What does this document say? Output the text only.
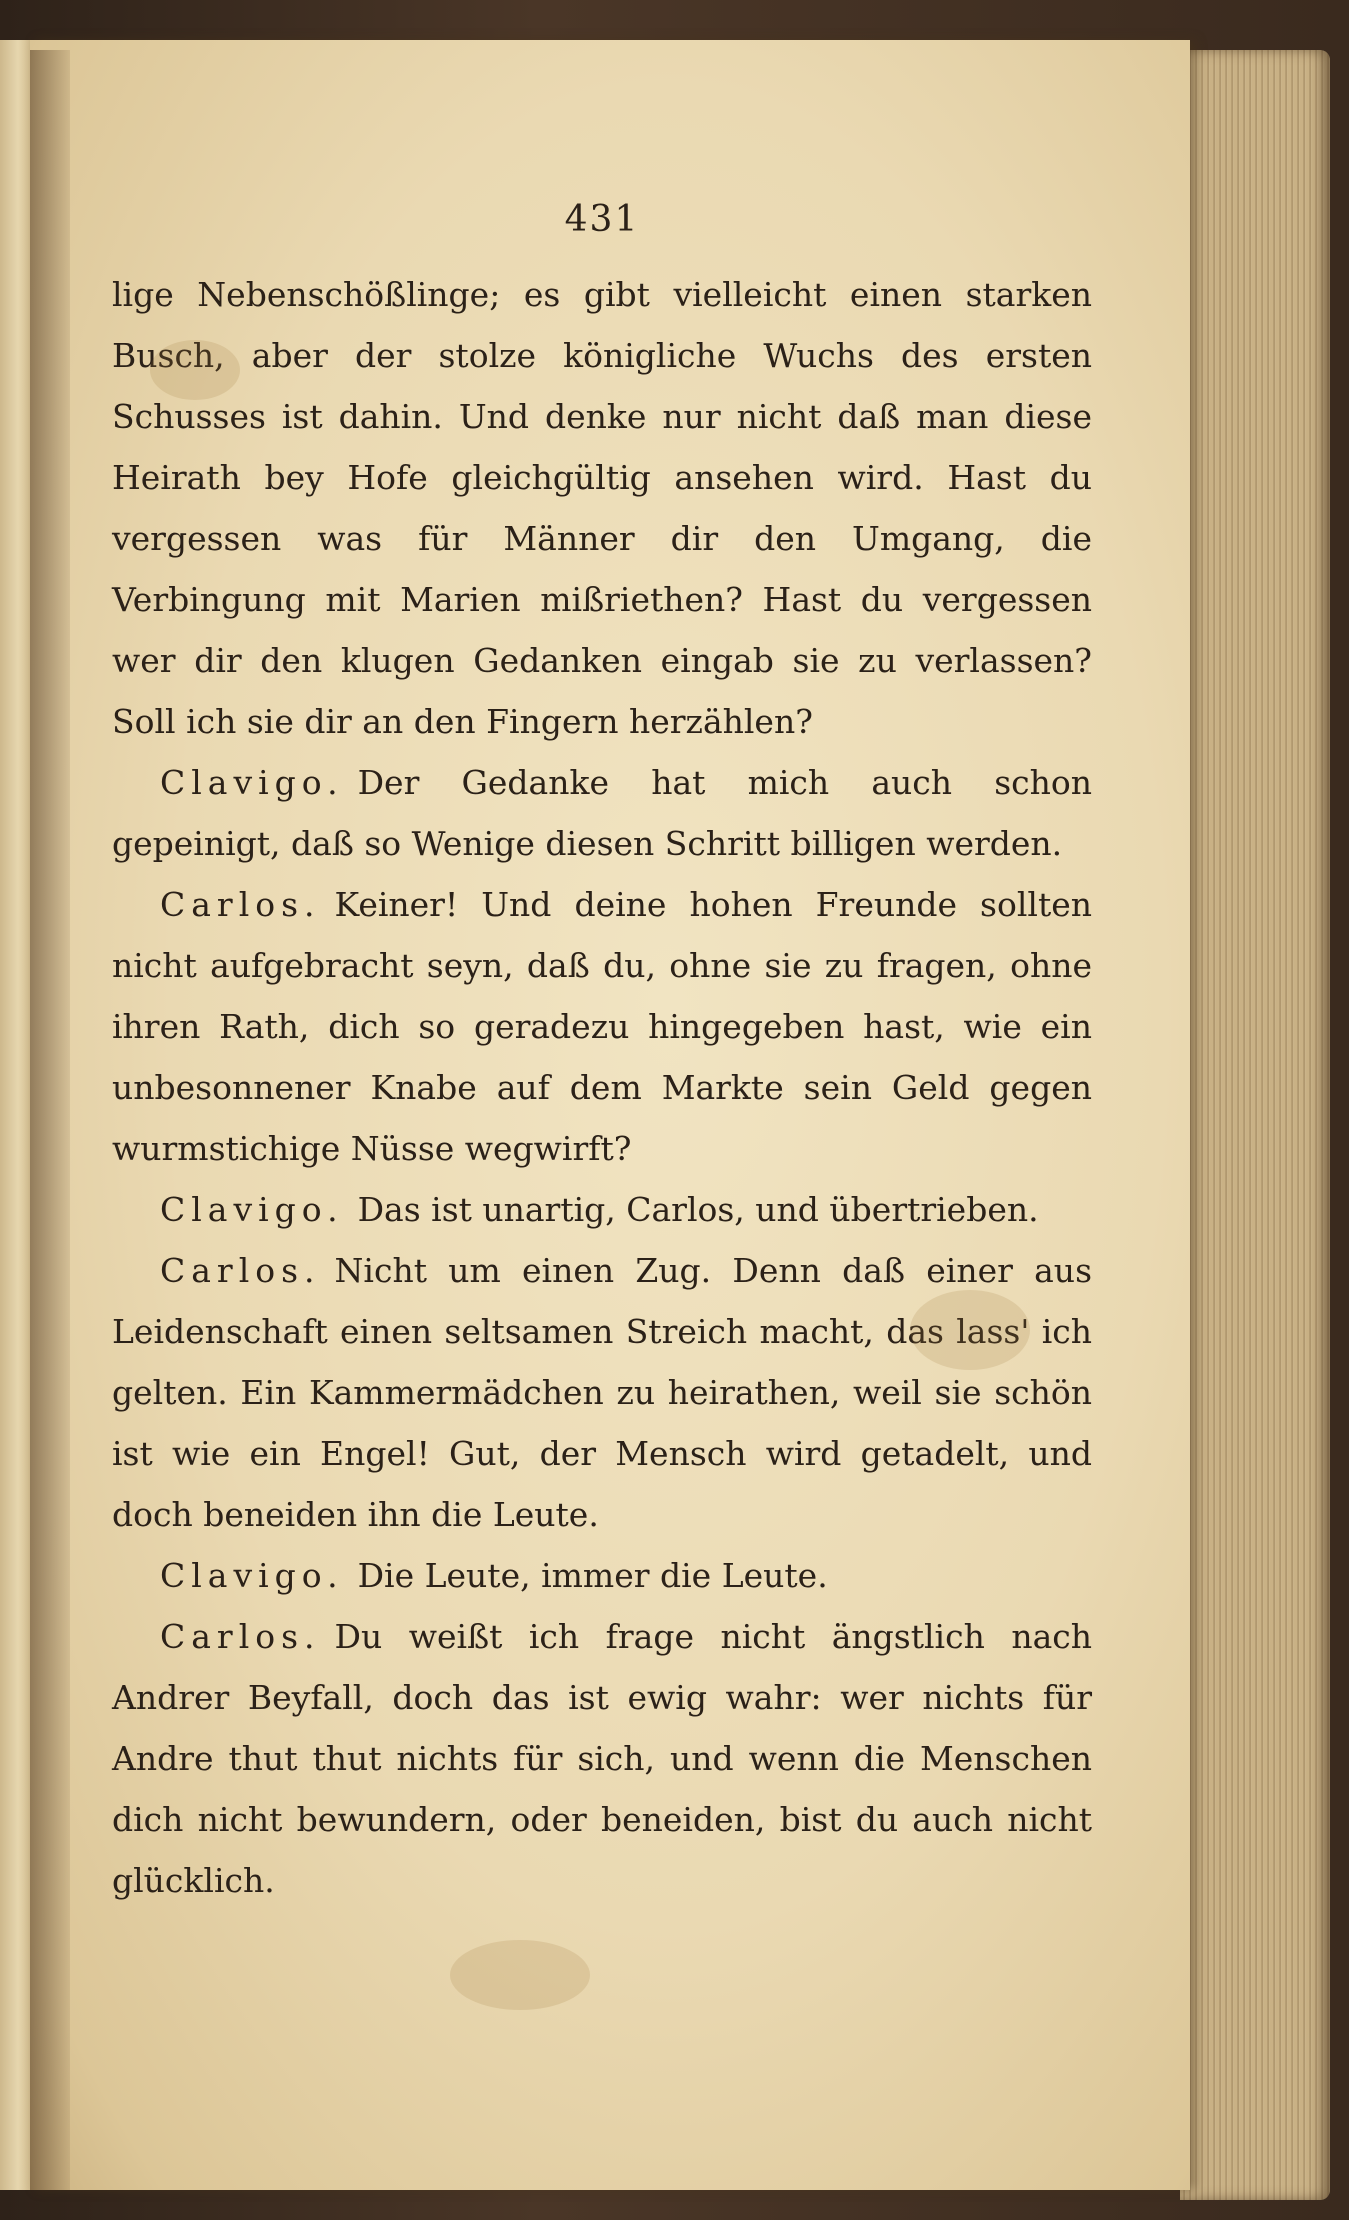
431

lige Nebenschößlinge; es gibt vielleicht einen starken Busch, aber der stolze königliche Wuchs des ersten Schusses ist dahin. Und denke nur nicht daß man diese Heirath bey Hofe gleichgültig ansehen wird. Hast du vergessen was für Männer dir den Umgang, die Verbingung mit Marien mißriethen? Hast du vergessen wer dir den klugen Gedanken eingab sie zu verlassen? Soll ich sie dir an den Fingern herzählen?

Clavigo. Der Gedanke hat mich auch schon gepeinigt, daß so Wenige diesen Schritt billigen werden.

Carlos. Keiner! Und deine hohen Freunde sollten nicht aufgebracht seyn, daß du, ohne sie zu fragen, ohne ihren Rath, dich so geradezu hingegeben hast, wie ein unbesonnener Knabe auf dem Markte sein Geld gegen wurmstichige Nüsse wegwirft?

Clavigo. Das ist unartig, Carlos, und übertrieben.

Carlos. Nicht um einen Zug. Denn daß einer aus Leidenschaft einen seltsamen Streich macht, das lass' ich gelten. Ein Kammermädchen zu heirathen, weil sie schön ist wie ein Engel! Gut, der Mensch wird getadelt, und doch beneiden ihn die Leute.

Clavigo. Die Leute, immer die Leute.

Carlos. Du weißt ich frage nicht ängstlich nach Andrer Beyfall, doch das ist ewig wahr: wer nichts für Andre thut thut nichts für sich, und wenn die Menschen dich nicht bewundern, oder beneiden, bist du auch nicht glücklich.
